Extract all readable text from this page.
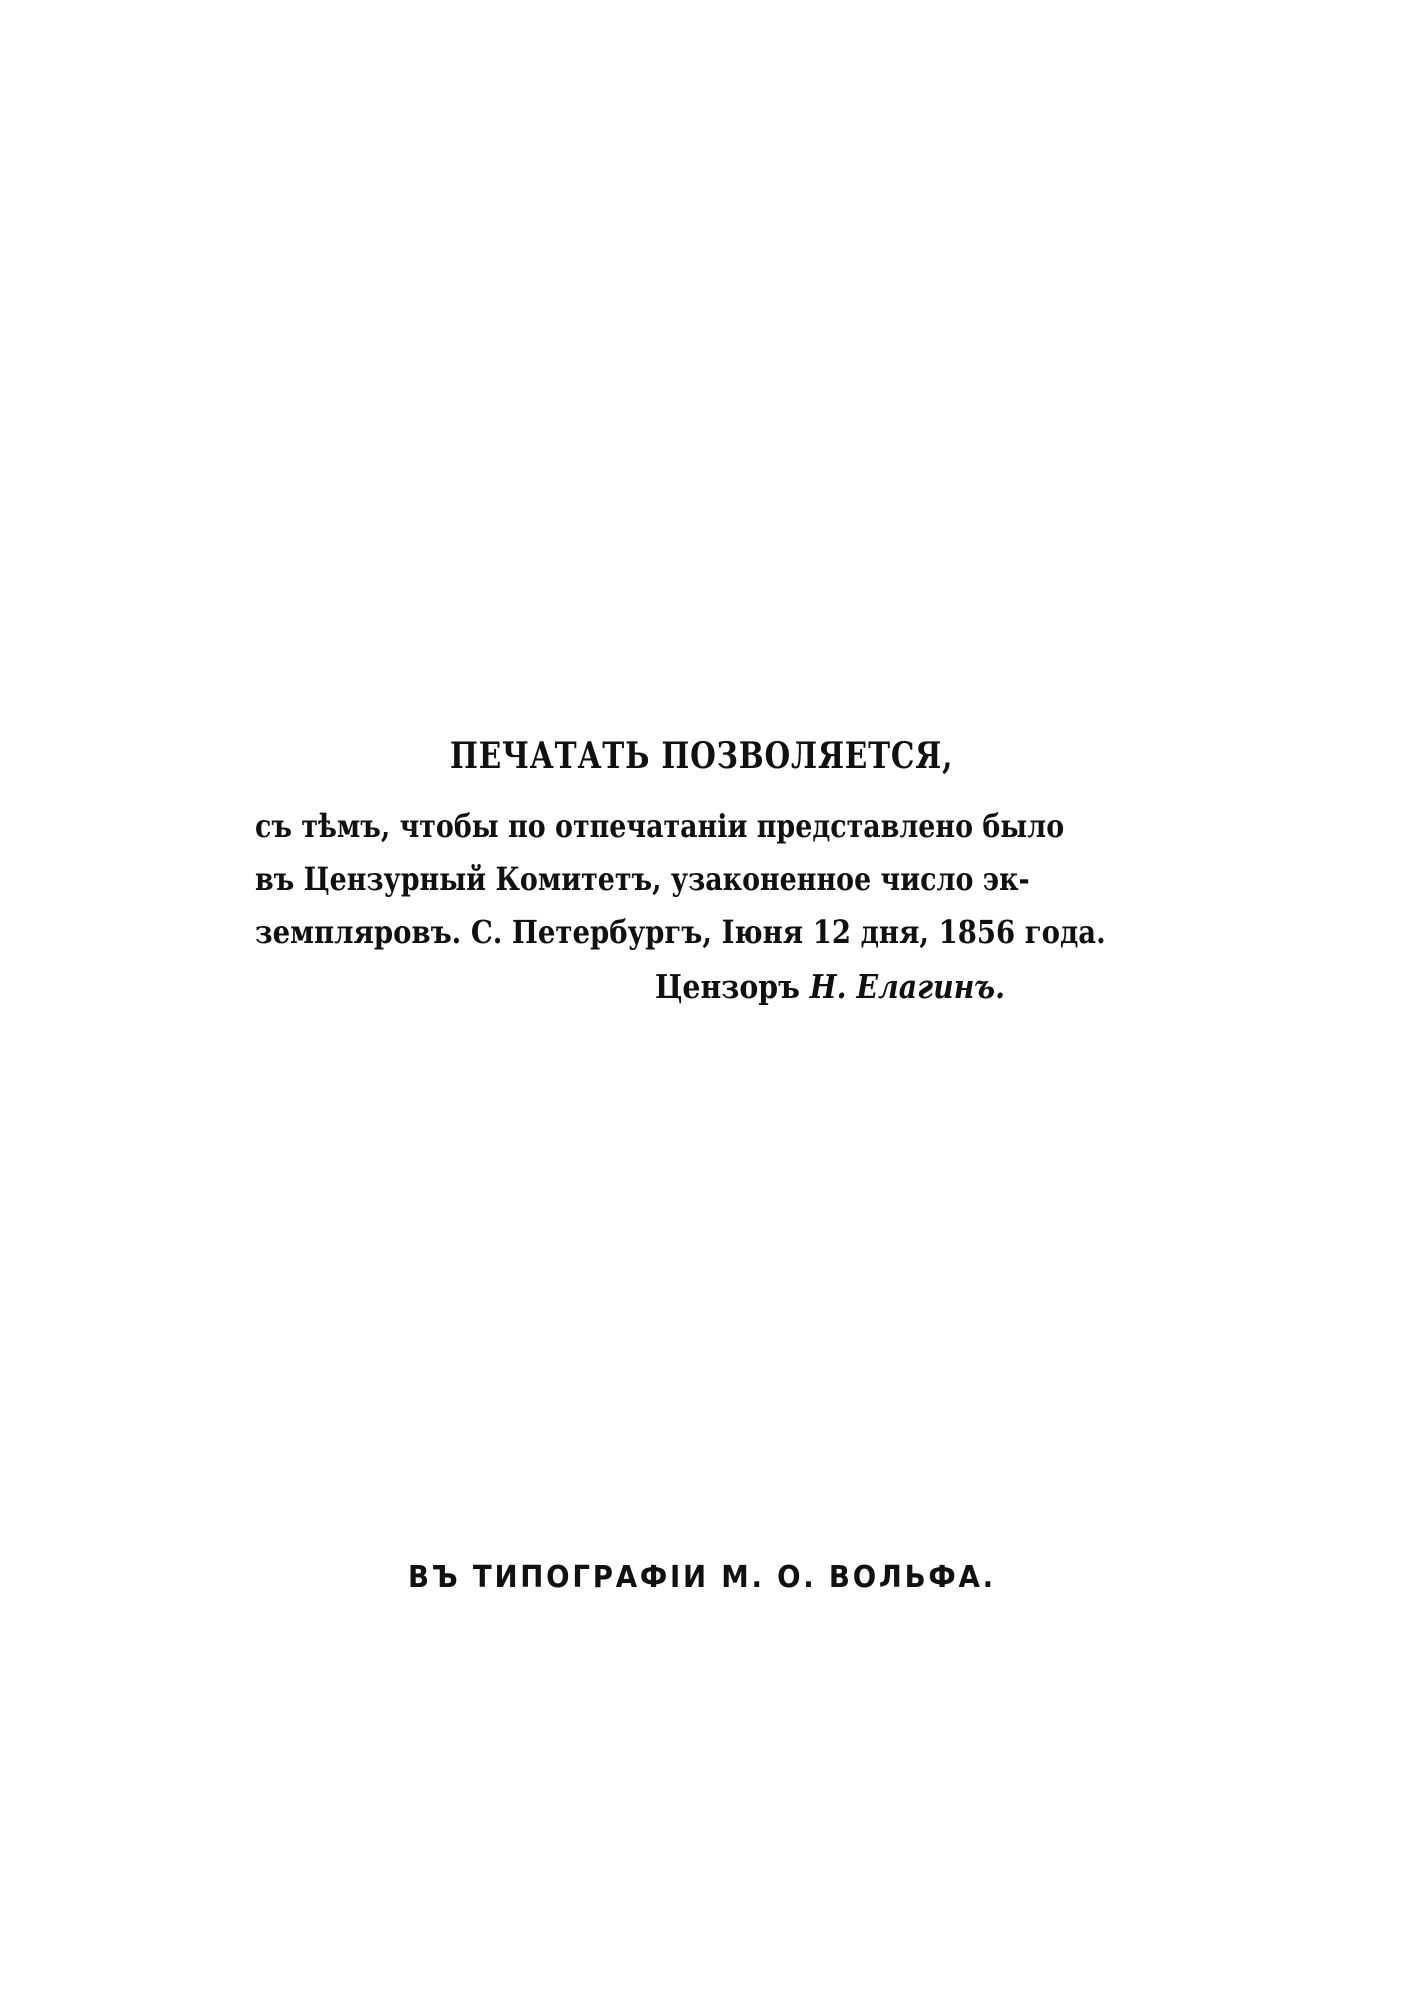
ПЕЧАТАТЬ ПОЗВОЛЯЕТСЯ,
съ тѣмъ, чтобы по отпечатаніи представлено было
въ Цензурный Комитетъ, узаконенное число эк-
земпляровъ. С. Петербургъ, Іюня 12 дня, 1856 года.
Цензоръ Н. Елагинъ.
ВЪ ТИПОГРАФІИ М. О. ВОЛЬФА.
